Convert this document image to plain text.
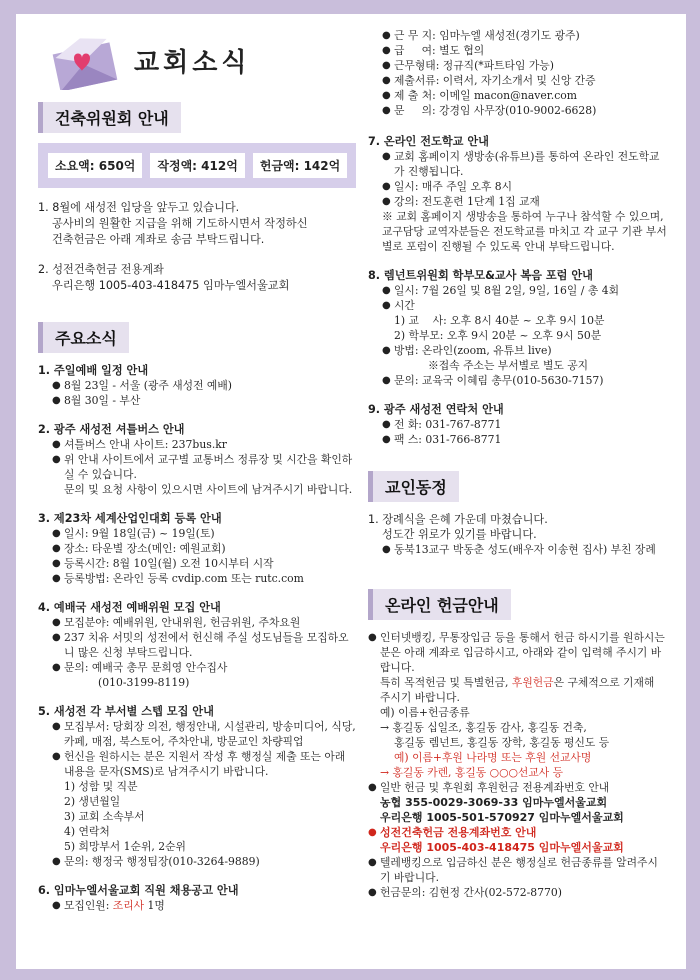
교회소식
건축위원회 안내
소요액: 650억	작정액: 412억	헌금액: 142억
1. 8월에 새성전 입당을 앞두고 있습니다.
공사비의 원활한 지급을 위해 기도하시면서 작정하신
건축헌금은 아래 계좌로 송금 부탁드립니다.
2. 성전건축헌금 전용계좌
우리은행 1005-403-418475 임마누엘서울교회
주요소식
1. 주일예배 일정 안내
● 8월 23일 - 서울 (광주 새성전 예배)
● 8월 30일 - 부산
2. 광주 새성전 셔틀버스 안내
● 셔틀버스 안내 사이트: 237bus.kr
● 위 안내 사이트에서 교구별 교통버스 정류장 및 시간을 확인하실 수 있습니다.
문의 및 요청 사항이 있으시면 사이트에 남겨주시기 바랍니다.
3. 제23차 세계산업인대회 등록 안내
● 일시: 9월 18일(금) ~ 19일(토)
● 장소: 타운별 장소(메인: 예원교회)
● 등록시간: 8월 10일(월) 오전 10시부터 시작
● 등록방법: 온라인 등록 cvdip.com 또는 rutc.com
4. 예배국 새성전 예배위원 모집 안내
● 모집분야: 예배위원, 안내위원, 헌금위원, 주차요원
● 237 치유 서밋의 성전에서 헌신해 주실 성도님들을 모집하오니 많은 신청 부탁드립니다.
● 문의: 예배국 총무 문희영 안수집사
(010-3199-8119)
5. 새성전 각 부서별 스텝 모집 안내
● 모집부서: 당회장 의전, 행정안내, 시설관리, 방송미디어, 식당, 카페, 매점, 북스토어, 주차안내, 방문교인 차량픽업
● 헌신을 원하시는 분은 지원서 작성 후 행정실 제출 또는 아래 내용을 문자(SMS)로 남겨주시기 바랍니다.
1) 성함 및 직분
2) 생년월일
3) 교회 소속부서
4) 연락처
5) 희망부서 1순위, 2순위
● 문의: 행정국 행정팀장(010-3264-9889)
6. 임마누엘서울교회 직원 채용공고 안내
● 모집인원: 조리사 1명
● 근 무 지: 임마누엘 새성전(경기도 광주)
● 급     여: 별도 협의
● 근무형태: 정규직(*파트타임 가능)
● 제출서류: 이력서, 자기소개서 및 신앙 간증
● 제 출 처: 이메일 macon@naver.com
● 문     의: 강경임 사무장(010-9002-6628)
7. 온라인 전도학교 안내
● 교회 홈페이지 생방송(유튜브)를 통하여 온라인 전도학교가 진행됩니다.
● 일시: 매주 주일 오후 8시
● 강의: 전도훈련 1단계 1집 교재
※ 교회 홈페이지 생방송을 통하여 누구나 참석할 수 있으며, 교구담당 교역자분들은 전도학교를 마치고 각 교구 기관 부서별로 포럼이 진행될 수 있도록 안내 부탁드립니다.
8. 렘넌트위원회 학부모&교사 복음 포럼 안내
● 일시: 7월 26일 및 8월 2일, 9일, 16일 / 총 4회
● 시간
1) 교    사: 오후 8시 40분 ~ 오후 9시 10분
2) 학부모: 오후 9시 20분 ~ 오후 9시 50분
● 방법: 온라인(zoom, 유튜브 live)
※접속 주소는 부서별로 별도 공지
● 문의: 교육국 이혜림 총무(010-5630-7157)
9. 광주 새성전 연락처 안내
● 전 화: 031-767-8771
● 팩 스: 031-766-8771
교인동정
1. 장례식을 은혜 가운데 마쳤습니다.
성도간 위로가 있기를 바랍니다.
● 동북13교구 박동춘 성도(배우자 이송현 집사) 부친 장례
온라인 헌금안내
● 인터넷뱅킹, 무통장입금 등을 통해서 헌금 하시기를 원하시는 분은 아래 계좌로 입금하시고, 아래와 같이 입력해 주시기 바랍니다.
특히 목적헌금 및 특별헌금, 후원헌금은 구체적으로 기재해 주시기 바랍니다.
예) 이름+헌금종류
→ 홍길동 십일조, 홍길동 감사, 홍길동 건축,
홍길동 렘넌트, 홍길동 장학, 홍길동 평신도 등
예) 이름+후원 나라명 또는 후원 선교사명
→ 홍길동 카렌, 홍길동 ○○○선교사 등
● 일반 헌금 및 후원회 후원헌금 전용계좌번호 안내
농협 355-0029-3069-33 임마누엘서울교회
우리은행 1005-501-570927 임마누엘서울교회
● 성전건축헌금 전용계좌번호 안내
우리은행 1005-403-418475 임마누엘서울교회
● 텔레뱅킹으로 입금하신 분은 행정실로 헌금종류를 알려주시기 바랍니다.
● 헌금문의: 김현정 간사(02-572-8770)
